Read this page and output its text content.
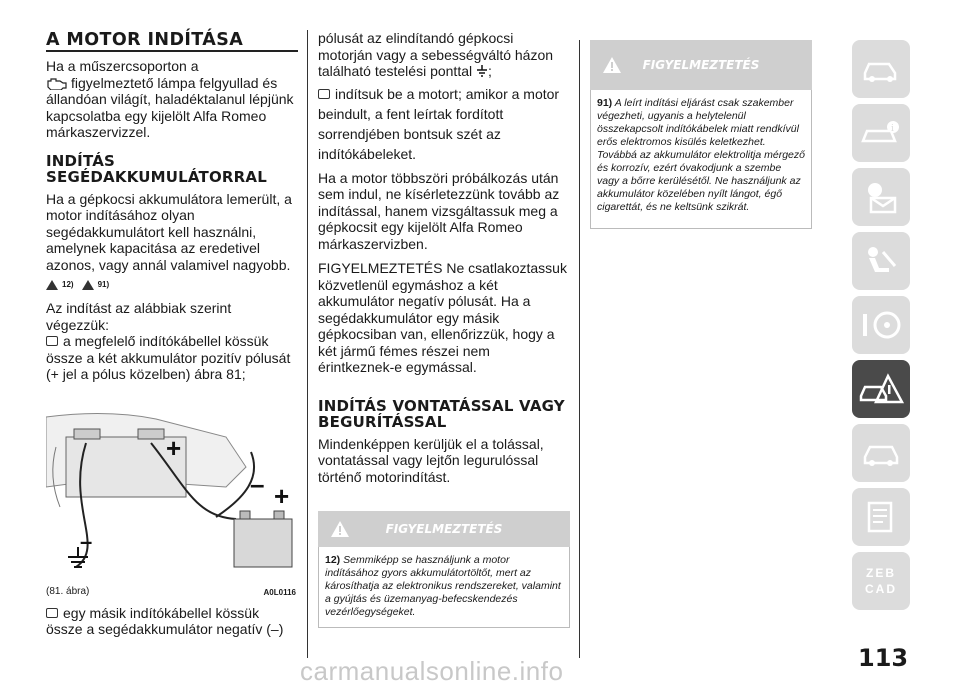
A MOTOR INDÍTÁSA

Ha a műszercsoporton a
figyelmeztető lámpa felgyullad és állandóan világít, haladéktalanul lépjünk kapcsolatba egy kijelölt Alfa Romeo márkaszervizzel.

INDÍTÁS SEGÉDAKKUMULÁTORRAL

Ha a gépkocsi akkumulátora lemerült, a motor indításához olyan segédakkumulátort kell használni, amelynek kapacitása az eredetivel azonos, vagy annál valamivel nagyobb.

12)	91)

Az indítást az alábbiak szerint végezzük:

a megfelelő indítókábellel kössük össze a két akkumulátor pozitív pólusát (+ jel a pólus közelben) ábra 81;

+
+
–
–
(81. ábra)	A0L0116

egy másik indítókábellel kössük össze a segédakkumulátor negatív (–)

pólusát az elindítandó gépkocsi motorján vagy a sebességváltó házon található testelési ponttal ;

indítsuk be a motort; amikor a motor beindult, a fent leírtak fordított sorrendjében bontsuk szét az indítókábeleket.

Ha a motor többszöri próbálkozás után sem indul, ne kísérletezzünk tovább az indítással, hanem vizsgáltassuk meg a gépkocsit egy kijelölt Alfa Romeo márkaszervizben.

FIGYELMEZTETÉS Ne csatlakoztassuk közvetlenül egymáshoz a két akkumulátor negatív pólusát. Ha a segédakkumulátor egy másik gépkocsiban van, ellenőrizzük, hogy a két jármű fémes részei nem érintkeznek-e egymással.

INDÍTÁS VONTATÁSSAL VAGY BEGURÍTÁSSAL

Mindenképpen kerüljük el a tolással, vontatással vagy lejtőn legurulóssal történő motorindítást.

FIGYELMEZTETÉS
12) Semmiképp se használjunk a motor indításához gyors akkumulátortöltőt, mert az károsíthatja az elektronikus rendszereket, valamint a gyújtás és üzemanyag-befecskendezés vezérlőegységeket.
FIGYELMEZTETÉS
91) A leírt indítási eljárást csak szakember végezheti, ugyanis a helytelenül összekapcsolt indítókábelek miatt rendkívül erős elektromos kisülés keletkezhet. Továbbá az akkumulátor elektrolitja mérgező és korrozív, ezért óvakodjunk a szembe vagy a bőrre kerülésétől. Ne használjunk az akkumulátor közelében nyílt lángot, égő cigarettát, és ne keltsünk szikrát.
i
ZEBCAD
113
carmanualsonline.info
